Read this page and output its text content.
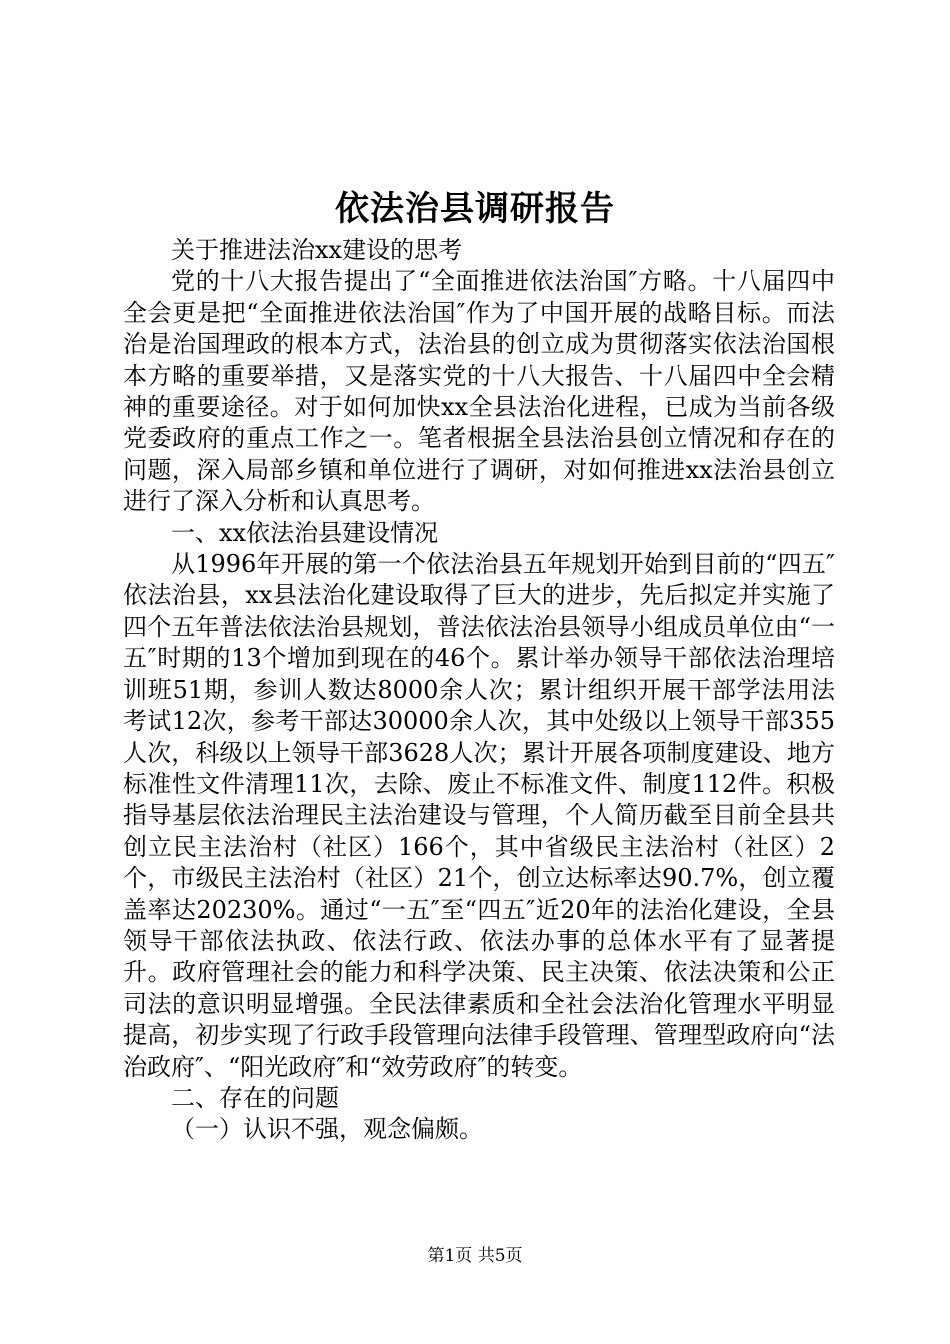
依法治县调研报告

关于推进法治xx建设的思考

党的十八大报告提出了“全面推进依法治国″方略。十八届四中全会更是把“全面推进依法治国″作为了中国开展的战略目标。而法治是治国理政的根本方式，法治县的创立成为贯彻落实依法治国根本方略的重要举措，又是落实党的十八大报告、十八届四中全会精神的重要途径。对于如何加快xx全县法治化进程，已成为当前各级党委政府的重点工作之一。笔者根据全县法治县创立情况和存在的问题，深入局部乡镇和单位进行了调研，对如何推进xx法治县创立进行了深入分析和认真思考。

一、xx依法治县建设情况

从1996年开展的第一个依法治县五年规划开始到目前的“四五″依法治县，xx县法治化建设取得了巨大的进步，先后拟定并实施了四个五年普法依法治县规划，普法依法治县领导小组成员单位由“一五″时期的13个增加到现在的46个。累计举办领导干部依法治理培训班51期，参训人数达8000余人次；累计组织开展干部学法用法考试12次，参考干部达30000余人次，其中处级以上领导干部355人次，科级以上领导干部3628人次；累计开展各项制度建设、地方标准性文件清理11次，去除、废止不标准文件、制度112件。积极指导基层依法治理民主法治建设与管理，个人简历截至目前全县共创立民主法治村（社区）166个，其中省级民主法治村（社区）2个，市级民主法治村（社区）21个，创立达标率达90.7%，创立覆盖率达20230%。通过“一五″至“四五″近20年的法治化建设，全县领导干部依法执政、依法行政、依法办事的总体水平有了显著提升。政府管理社会的能力和科学决策、民主决策、依法决策和公正司法的意识明显增强。全民法律素质和全社会法治化管理水平明显提高，初步实现了行政手段管理向法律手段管理、管理型政府向“法治政府″、“阳光政府″和“效劳政府″的转变。

二、存在的问题

（一）认识不强，观念偏颇。

第1页 共5页
